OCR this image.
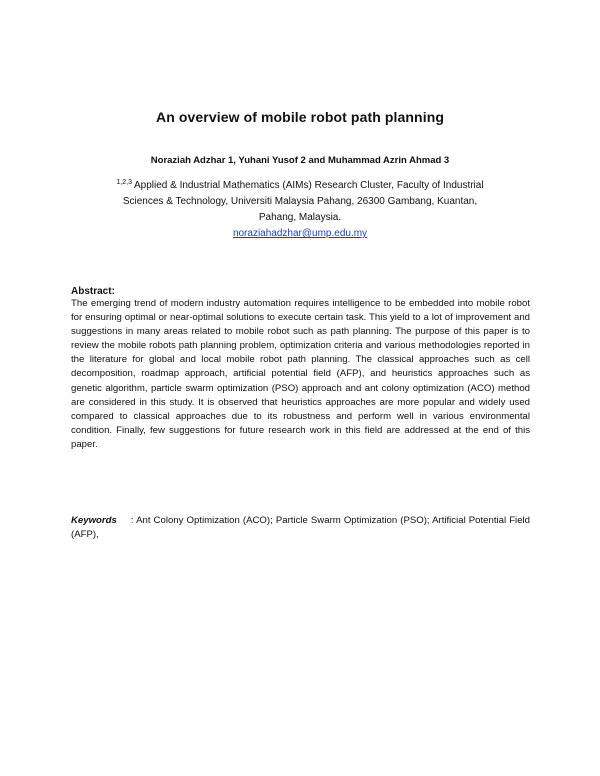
An overview of mobile robot path planning
Noraziah Adzhar 1, Yuhani Yusof 2 and Muhammad Azrin Ahmad 3
$^{1,2,3}$ Applied & Industrial Mathematics (AIMs) Research Cluster, Faculty of Industrial
Sciences & Technology, Universiti Malaysia Pahang, 26300 Gambang, Kuantan,
Pahang, Malaysia.
noraziahadzhar@ump.edu.my
Abstract:

The emerging trend of modern industry automation requires intelligence to be embedded into mobile robot for ensuring optimal or near-optimal solutions to execute certain task. This yield to a lot of improvement and suggestions in many areas related to mobile robot such as path planning. The purpose of this paper is to review the mobile robots path planning problem, optimization criteria and various methodologies reported in the literature for global and local mobile robot path planning. The classical approaches such as cell decomposition, roadmap approach, artificial potential field (AFP), and heuristics approaches such as genetic algorithm, particle swarm optimization (PSO) approach and ant colony optimization (ACO) method are considered in this study. It is observed that heuristics approaches are more popular and widely used compared to classical approaches due to its robustness and perform well in various environmental condition. Finally, few suggestions for future research work in this field are addressed at the end of this paper.

Keywords : Ant Colony Optimization (ACO); Particle Swarm Optimization (PSO); Artificial Potential Field (AFP),
